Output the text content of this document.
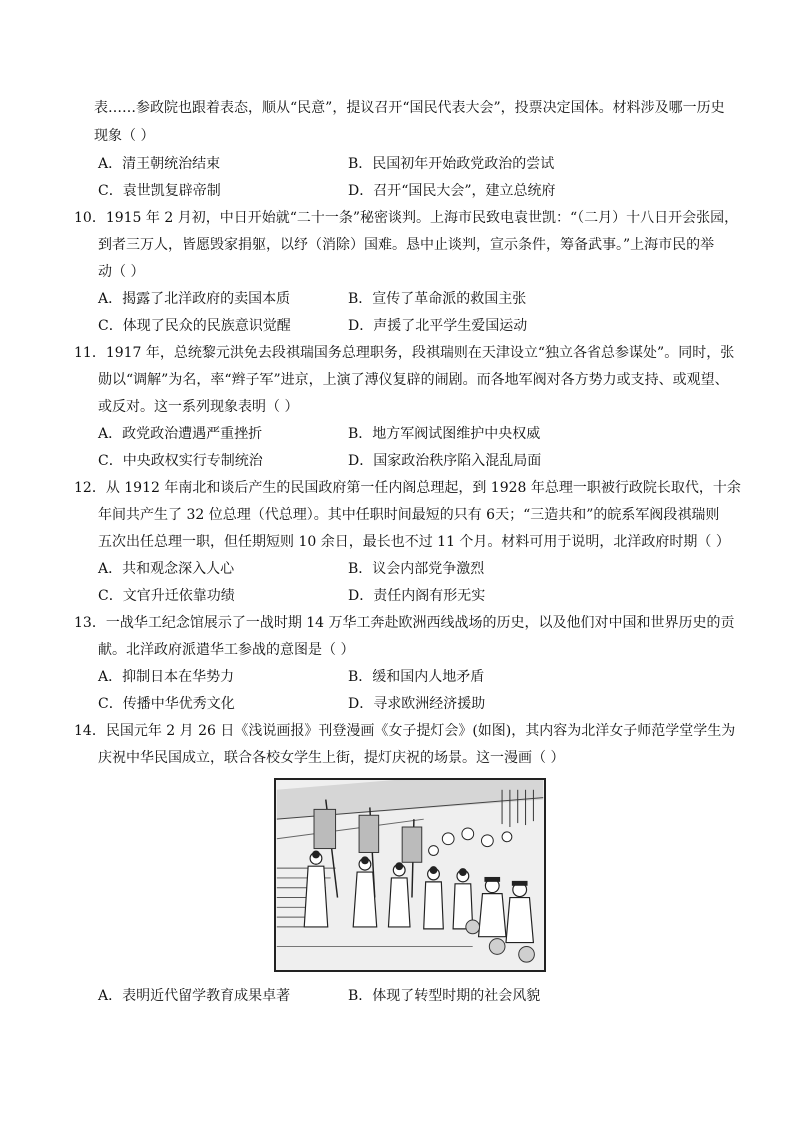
表……参政院也跟着表态，顺从“民意”，提议召开“国民代表大会”，投票决定国体。材料涉及哪一历史
现象（ ）
A．清王朝统治结束	B．民国初年开始政党政治的尝试
C．袁世凯复辟帝制	D．召开“国民大会”，建立总统府
10．1915 年 2 月初，中日开始就“二十一条”秘密谈判。上海市民致电袁世凯：“（二月）十八日开会张园，
到者三万人，皆愿毁家捐躯，以纾（消除）国难。恳中止谈判，宣示条件，筹备武事。”上海市民的举
动（ ）
A．揭露了北洋政府的卖国本质	B．宣传了革命派的救国主张
C．体现了民众的民族意识觉醒	D．声援了北平学生爱国运动
11．1917 年，总统黎元洪免去段祺瑞国务总理职务，段祺瑞则在天津设立“独立各省总参谋处”。同时，张
勋以“调解”为名，率“辫子军”进京，上演了溥仪复辟的闹剧。而各地军阀对各方势力或支持、或观望、
或反对。这一系列现象表明（ ）
A．政党政治遭遇严重挫折	B．地方军阀试图维护中央权威
C．中央政权实行专制统治	D．国家政治秩序陷入混乱局面
12．从 1912 年南北和谈后产生的民国政府第一任内阁总理起，到 1928 年总理一职被行政院长取代，十余
年间共产生了 32 位总理（代总理）。其中任职时间最短的只有 6天；“三造共和”的皖系军阀段祺瑞则
五次出任总理一职，但任期短则 10 余日，最长也不过 11 个月。材料可用于说明，北洋政府时期（ ）
A．共和观念深入人心	B．议会内部党争激烈
C．文官升迁依靠功绩	D．责任内阁有形无实
13．一战华工纪念馆展示了一战时期 14 万华工奔赴欧洲西线战场的历史，以及他们对中国和世界历史的贡
献。北洋政府派遣华工参战的意图是（ ）
A．抑制日本在华势力	B．缓和国内人地矛盾
C．传播中华优秀文化	D．寻求欧洲经济援助
14．民国元年 2 月 26 日《浅说画报》刊登漫画《女子提灯会》(如图)，其内容为北洋女子师范学堂学生为
庆祝中华民国成立，联合各校女学生上街，提灯庆祝的场景。这一漫画（ ）
A．表明近代留学教育成果卓著	B．体现了转型时期的社会风貌
